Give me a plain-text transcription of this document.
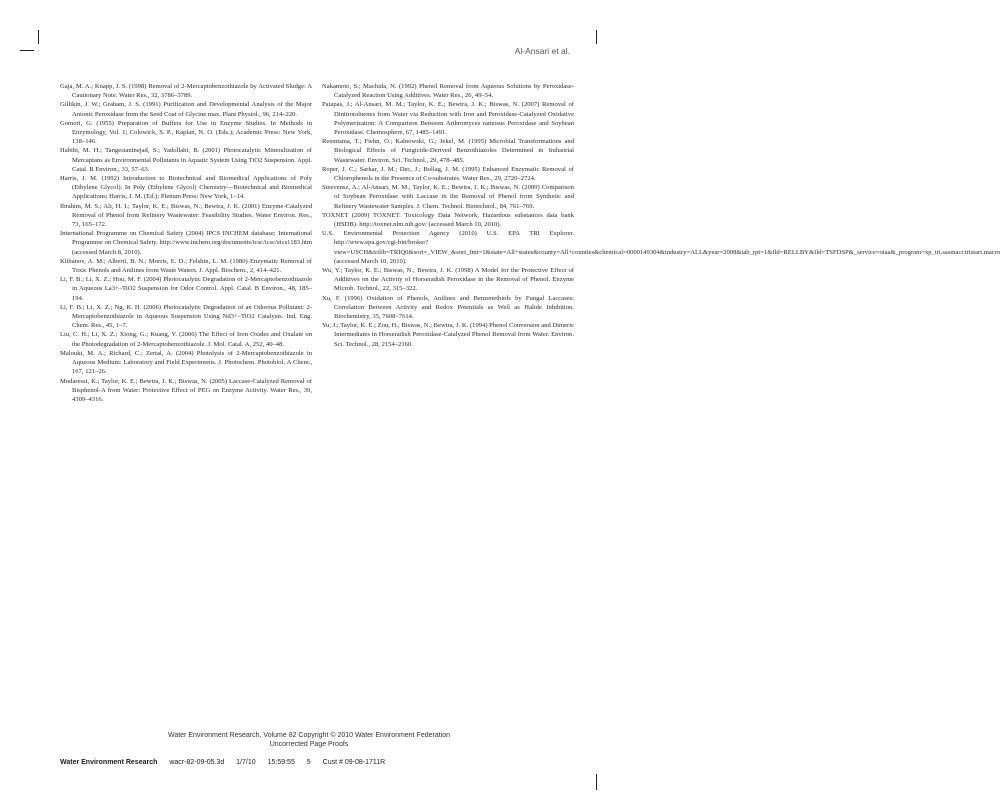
Al-Ansari et al.
Gaja, M. A.; Knapp, J. S. (1998) Removal of 2-Mercaptobenzothiazole by Activated Sludge: A Cautionary Note. Water Res., 32, 3786–3789.
Gillikin, J. W.; Graham, J. S. (1991) Purification and Developmental Analysis of the Major Anionic Peroxidase from the Seed Coat of Glycine max. Plant Physiol., 96, 214–220.
Gomori, G. (1955) Preparation of Buffers for Use in Enzyme Studies. In Methods in Enzymology, Vol. 1; Colowick, S. P., Kaplan, N. O. (Eds.); Academic Press: New York, 138–146.
Habibi, M. H.; Tangestaninejad, S.; Yadollahi, B. (2001) Photocatalytic Mineralization of Mercaptans as Environmental Pollutants in Aquatic System Using TiO2 Suspension. Appl. Catal. B Environ., 33, 57–63.
Harris, J. M. (1992) Introduction to Biotechnical and Biomedical Applications of Poly (Ethylene Glycol). In Poly (Ethylene Glycol) Chemistry—Biotechnical and Biomedical Applications; Harris, J. M. (Ed.); Plenum Press: New York, 1–14.
Ibrahim, M. S.; Ali, H. I.; Taylor, K. E.; Biswas, N.; Bewtra, J. K. (2001) Enzyme-Catalyzed Removal of Phenol from Refinery Wastewater: Feasibility Studies. Water Environ. Res., 73, 165–172.
International Programme on Chemical Safety (2004) IPCS INCHEM database; International Programme on Chemical Safety. http://www.inchem.org/documents/icsc/icsc/eics1183.htm (accessed March 8, 2010).
Klibanov, A. M.; Alberti, B. N.; Morris, E. D.; Felshin, L. M. (1980) Enzymatic Removal of Toxic Phenols and Anilines from Waste Waters. J. Appl. Biochem., 2, 414–421.
Li, F. B.; Li, X. Z.; Hou, M. F. (2004) Photocatalytic Degradation of 2-Mercaptobenzothiazole in Aqueous La3+–TiO2 Suspension for Odor Control. Appl. Catal. B Environ., 48, 185–194.
Li, F. B.; Li, X. Z.; Ng, K. H. (2006) Photocatalytic Degradation of an Odorous Pollutant: 2-Mercaptobenzothiazole in Aqueous Suspension Using Nd3+–TiO2 Catalysts. Ind. Eng. Chem. Res., 45, 1–7.
Liu, C. H.; Li, X. Z.; Xiong, G.; Kuang, Y. (2006) The Effect of Iron Oxides and Oxalate on the Photodegradation of 2-Mercaptobenzothiazole. J. Mol. Catal. A, 252, 40–48.
Malouki, M. A.; Richard, C.; Zertal, A. (2004) Photolysis of 2-Mercaptobenzothiazole in Aqueous Medium: Laboratory and Field Experiments. J. Photochem. Photobiol. A Chem., 167, 121–26.
Modaressi, K.; Taylor, K. E.; Bewtra, J. K.; Biswas, N. (2005) Laccase-Catalyzed Removal of Bisphenol-A from Water: Protective Effect of PEG on Enzyme Activity. Water Res., 39, 4309–4316.
Nakamoto, S.; Machida, N. (1992) Phenol Removal from Aqueous Solutions by Peroxidase-Catalyzed Reaction Using Additives. Water Res., 26, 49–54.
Patapas, J.; Al-Ansari, M. M.; Taylor, K. E.; Bewtra, J. K.; Biswas, N. (2007) Removal of Dinitrotoluenes from Water via Reduction with Iron and Peroxidase-Catalyzed Oxidative Polymerization: A Comparison Between Arthromyces ramosus Peroxidase and Soybean Peroxidase. Chemosphere, 67, 1485–1491.
Reemtsma, T.; Fiehn, O.; Kalnowski, G.; Jekel, M. (1995) Microbial Transformations and Biological Effects of Fungicide-Derived Benzothiazoles Determined in Industrial Wastewater. Environ. Sci. Technol., 29, 478–485.
Roper, J. C.; Sarkar, J. M.; Dec, J.; Bollag, J. M. (1995) Enhanced Enzymatic Removal of Chlorophenols in the Presence of Co-substrates. Water Res., 29, 2720–2724.
Steevensz, A.; Al-Ansari, M. M.; Taylor, K. E.; Bewtra, J. K.; Biswas, N. (2009) Comparison of Soybean Peroxidase with Laccase in the Removal of Phenol from Synthetic and Refinery Wastewater Samples. J. Chem. Technol. Biotechnol., 84, 761–769.
TOXNET (2009) TOXNET: Toxicology Data Network, Hazardous substances data bank (HSDB). http://toxnet.nlm.nih.gov/ (accessed March 10, 2010).
U.S. Environmental Protection Agency (2010) U.S. EPA TRI Explorer. http://www.epa.gov/cgi-bin/broker?view=USCH&trilib=TRIQ0&sort=_VIEW_&sort_fmt=1&state=All+states&county=All+counties&chemical=0000149304&industry=ALL&year=2008&tab_rpt=1&fld=RELLBY&fld=TSFDSP&_service=oiaa&_program=xp_tri.sasmacr.tristart.macro (accessed March 10, 2010).
Wu, Y.; Taylor, K. E.; Biswas, N.; Bewtra, J. K. (1998) A Model for the Protective Effect of Additives on the Activity of Horseradish Peroxidase in the Removal of Phenol. Enzyme Microb. Technol., 22, 315–322.
Xu, F. (1996) Oxidation of Phenols, Anilines and Benzenethiols by Fungal Laccases: Correlation Between Activity and Redox Potentials as Well as Halide Inhibition. Biochemistry, 35, 7608–7614.
Yu, J.; Taylor, K. E.; Zou, H.; Biswas, N.; Bewtra, J. K. (1994) Phenol Conversion and Dimeric Intermediates in Horseradish Peroxidase-Catalyzed Phenol Removal from Water. Environ. Sci. Technol., 28, 2154–2160.
Water Environment Research, Volume 82 Copyright © 2010 Water Environment Federation
Uncorrected Page Proofs
Water Environment Research wacr-82-09-05.3d 1/7/10 15:59:55 5 Cust # 09-08-1711R
